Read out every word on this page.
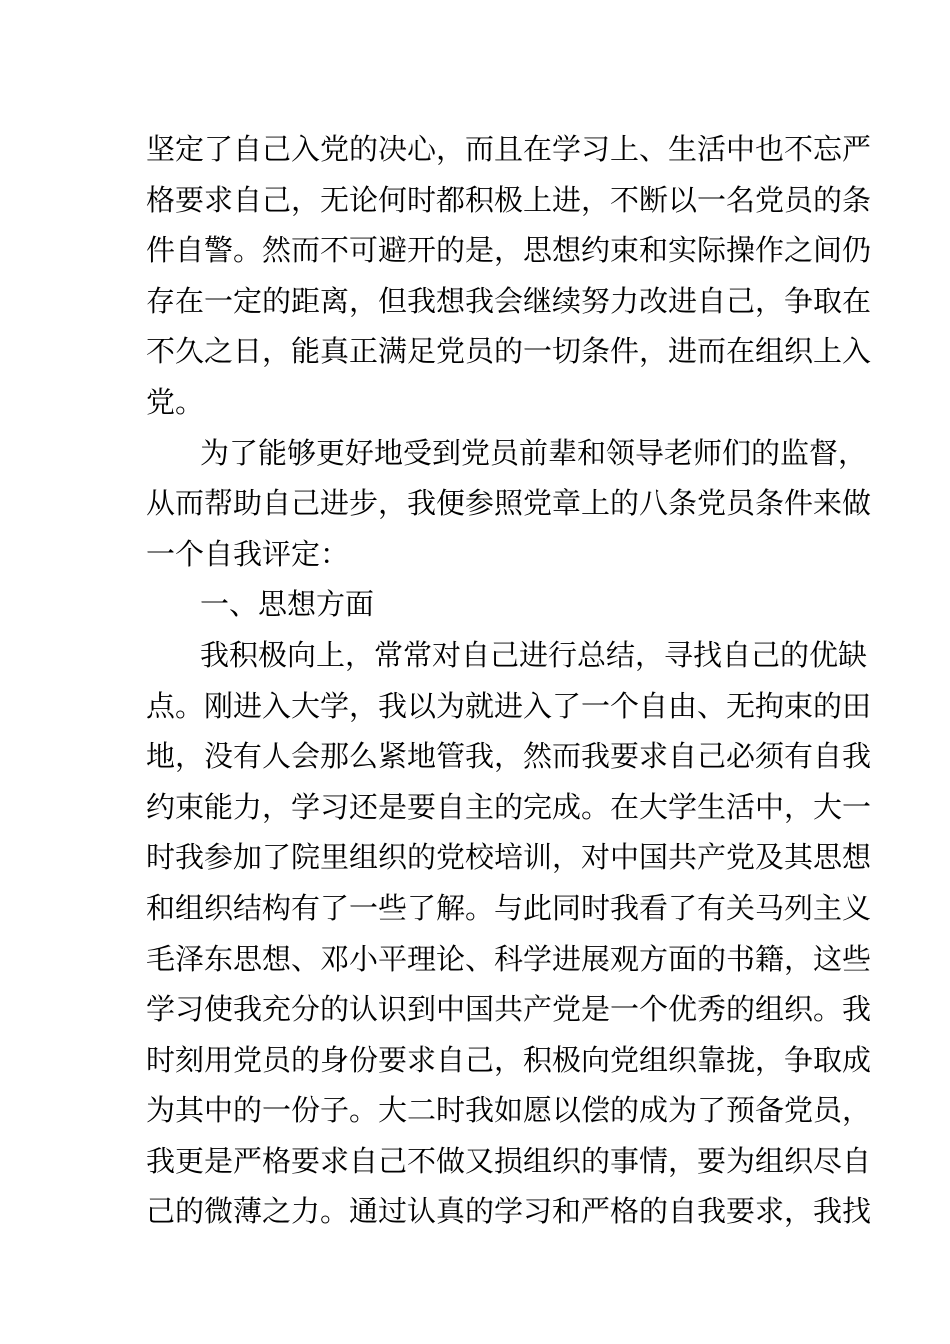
坚定了自己入党的决心，而且在学习上、生活中也不忘严
格要求自己，无论何时都积极上进，不断以一名党员的条
件自警。然而不可避开的是，思想约束和实际操作之间仍
存在一定的距离，但我想我会继续努力改进自己，争取在
不久之日，能真正满足党员的一切条件，进而在组织上入
党。
为了能够更好地受到党员前辈和领导老师们的监督，
从而帮助自己进步，我便参照党章上的八条党员条件来做
一个自我评定：
一、思想方面
我积极向上，常常对自己进行总结，寻找自己的优缺
点。刚进入大学，我以为就进入了一个自由、无拘束的田
地，没有人会那么紧地管我，然而我要求自己必须有自我
约束能力，学习还是要自主的完成。在大学生活中，大一
时我参加了院里组织的党校培训，对中国共产党及其思想
和组织结构有了一些了解。与此同时我看了有关马列主义
毛泽东思想、邓小平理论、科学进展观方面的书籍，这些
学习使我充分的认识到中国共产党是一个优秀的组织。我
时刻用党员的身份要求自己，积极向党组织靠拢，争取成
为其中的一份子。大二时我如愿以偿的成为了预备党员，
我更是严格要求自己不做又损组织的事情，要为组织尽自
己的微薄之力。通过认真的学习和严格的自我要求，我找
